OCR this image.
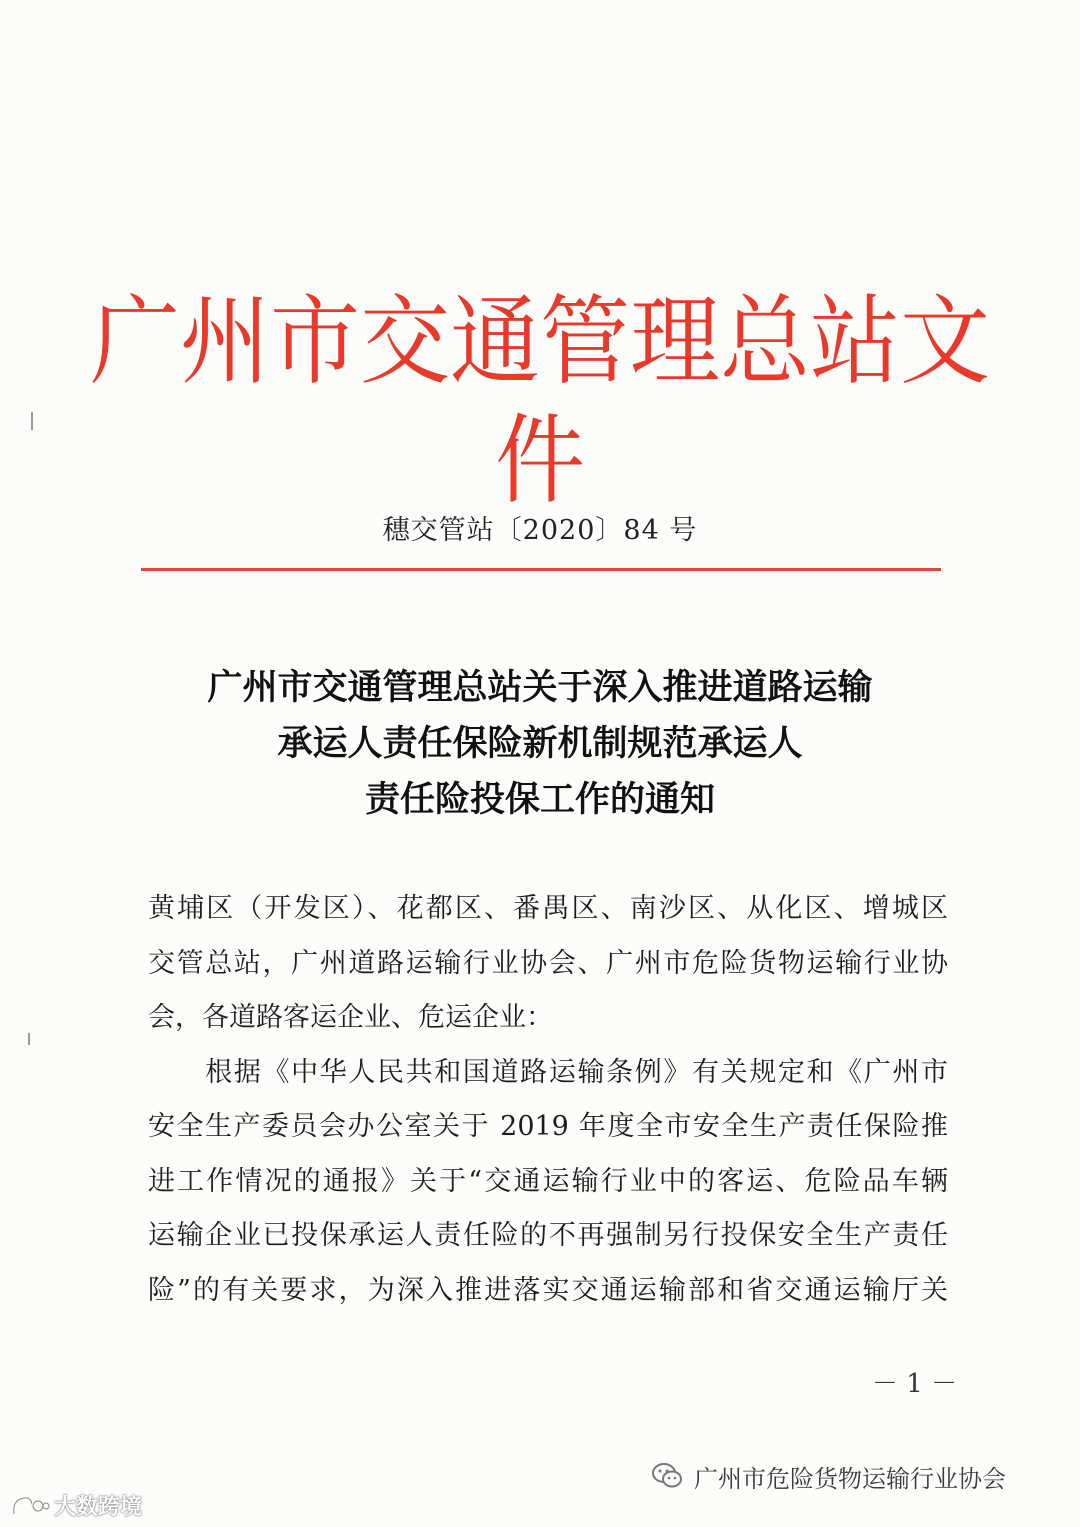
广州市交通管理总站文件
穗交管站〔2020〕84 号
广州市交通管理总站关于深入推进道路运输
承运人责任保险新机制规范承运人
责任险投保工作的通知
黄埔区（开发区）、花都区、番禺区、南沙区、从化区、增城区
交管总站，广州道路运输行业协会、广州市危险货物运输行业协
会，各道路客运企业、危运企业：
　　根据《中华人民共和国道路运输条例》有关规定和《广州市
安全生产委员会办公室关于 2019 年度全市安全生产责任保险推
进工作情况的通报》关于“交通运输行业中的客运、危险品车辆
运输企业已投保承运人责任险的不再强制另行投保安全生产责任
险”的有关要求，为深入推进落实交通运输部和省交通运输厅关
－ 1 －
广州市危险货物运输行业协会
大数跨境
